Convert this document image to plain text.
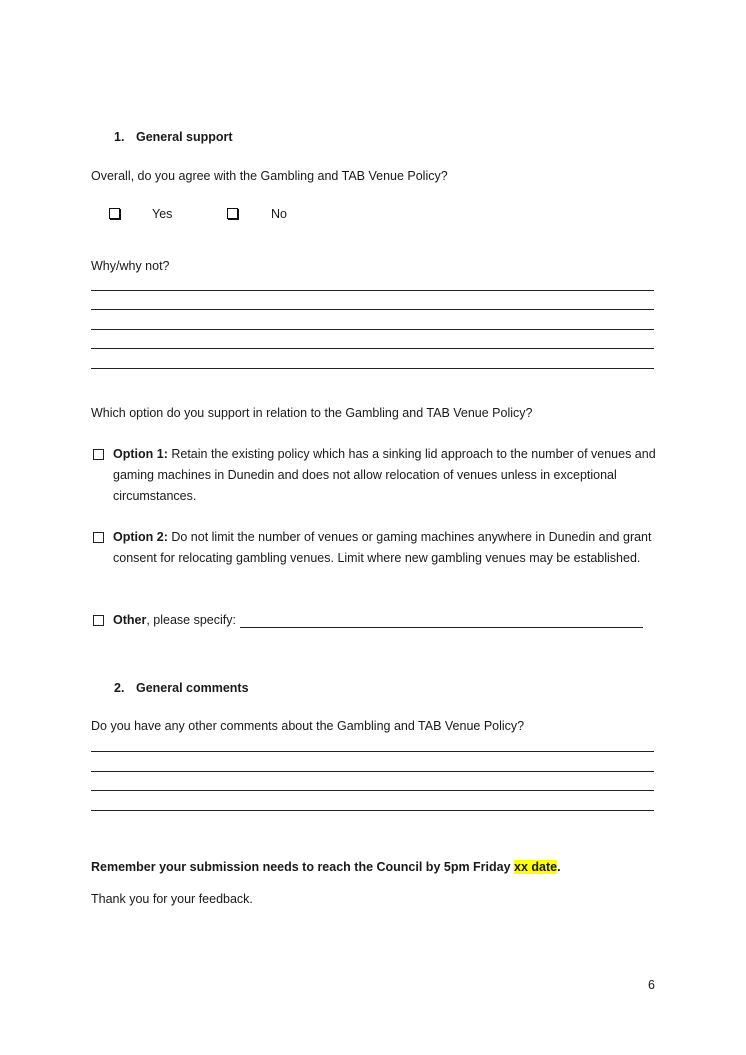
1. General support
Overall, do you agree with the Gambling and TAB Venue Policy?
Yes	No
Why/why not?
Which option do you support in relation to the Gambling and TAB Venue Policy?
Option 1: Retain the existing policy which has a sinking lid approach to the number of venues and gaming machines in Dunedin and does not allow relocation of venues unless in exceptional circumstances.
Option 2: Do not limit the number of venues or gaming machines anywhere in Dunedin and grant consent for relocating gambling venues. Limit where new gambling venues may be established.
Other, please specify:
2. General comments
Do you have any other comments about the Gambling and TAB Venue Policy?
Remember your submission needs to reach the Council by 5pm Friday xx date.
Thank you for your feedback.
6
